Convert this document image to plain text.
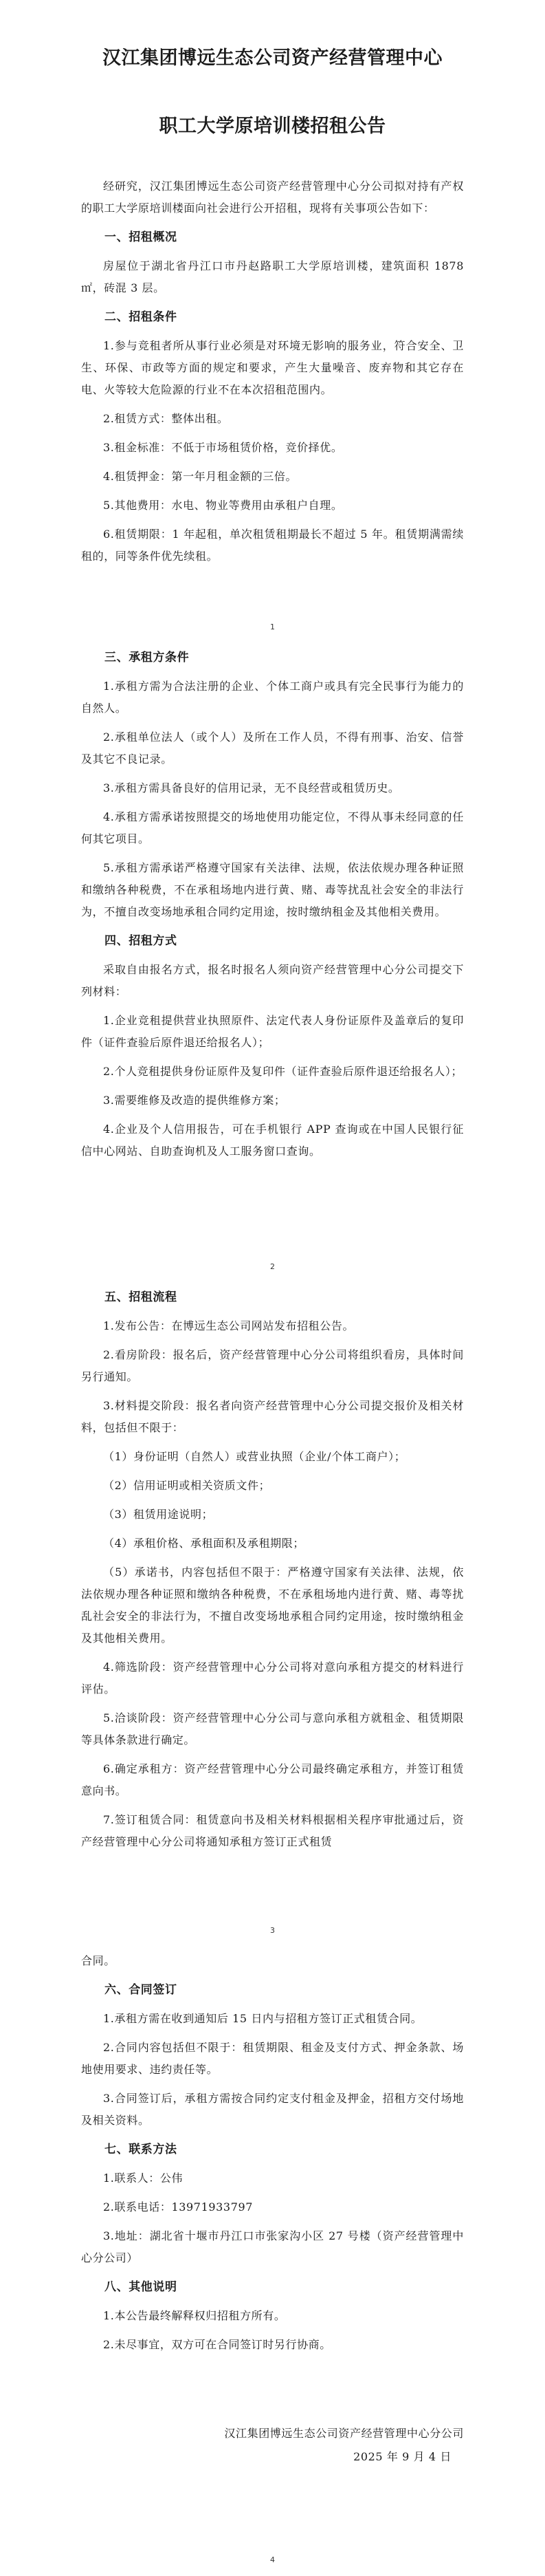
汉江集团博远生态公司资产经营管理中心
职工大学原培训楼招租公告

经研究，汉江集团博远生态公司资产经营管理中心分公司拟对持有产权的职工大学原培训楼面向社会进行公开招租，现将有关事项公告如下：

一、招租概况

房屋位于湖北省丹江口市丹赵路职工大学原培训楼，建筑面积 1878㎡，砖混 3 层。

二、招租条件

1.参与竞租者所从事行业必须是对环境无影响的服务业，符合安全、卫生、环保、市政等方面的规定和要求，产生大量噪音、废弃物和其它存在电、火等较大危险源的行业不在本次招租范围内。

2.租赁方式：整体出租。

3.租金标准：不低于市场租赁价格，竞价择优。

4.租赁押金：第一年月租金额的三倍。

5.其他费用：水电、物业等费用由承租户自理。

6.租赁期限：1 年起租，单次租赁租期最长不超过 5 年。租赁期满需续租的，同等条件优先续租。

1

三、承租方条件

1.承租方需为合法注册的企业、个体工商户或具有完全民事行为能力的自然人。

2.承租单位法人（或个人）及所在工作人员，不得有刑事、治安、信誉及其它不良记录。

3.承租方需具备良好的信用记录，无不良经营或租赁历史。

4.承租方需承诺按照提交的场地使用功能定位，不得从事未经同意的任何其它项目。

5.承租方需承诺严格遵守国家有关法律、法规，依法依规办理各种证照和缴纳各种税费，不在承租场地内进行黄、赌、毒等扰乱社会安全的非法行为，不擅自改变场地承租合同约定用途，按时缴纳租金及其他相关费用。

四、招租方式

采取自由报名方式，报名时报名人须向资产经营管理中心分公司提交下列材料：

1.企业竞租提供营业执照原件、法定代表人身份证原件及盖章后的复印件（证件查验后原件退还给报名人）；

2.个人竞租提供身份证原件及复印件（证件查验后原件退还给报名人）；

3.需要维修及改造的提供维修方案；

4.企业及个人信用报告，可在手机银行 APP 查询或在中国人民银行征信中心网站、自助查询机及人工服务窗口查询。

2

五、招租流程

1.发布公告：在博远生态公司网站发布招租公告。

2.看房阶段：报名后，资产经营管理中心分公司将组织看房，具体时间另行通知。

3.材料提交阶段：报名者向资产经营管理中心分公司提交报价及相关材料，包括但不限于：

（1）身份证明（自然人）或营业执照（企业/个体工商户）；

（2）信用证明或相关资质文件；

（3）租赁用途说明；

（4）承租价格、承租面积及承租期限；

（5）承诺书，内容包括但不限于：严格遵守国家有关法律、法规，依法依规办理各种证照和缴纳各种税费，不在承租场地内进行黄、赌、毒等扰乱社会安全的非法行为，不擅自改变场地承租合同约定用途，按时缴纳租金及其他相关费用。

4.筛选阶段：资产经营管理中心分公司将对意向承租方提交的材料进行评估。

5.洽谈阶段：资产经营管理中心分公司与意向承租方就租金、租赁期限等具体条款进行确定。

6.确定承租方：资产经营管理中心分公司最终确定承租方，并签订租赁意向书。

7.签订租赁合同：租赁意向书及相关材料根据相关程序审批通过后，资产经营管理中心分公司将通知承租方签订正式租赁

3

合同。

六、合同签订

1.承租方需在收到通知后 15 日内与招租方签订正式租赁合同。

2.合同内容包括但不限于：租赁期限、租金及支付方式、押金条款、场地使用要求、违约责任等。

3.合同签订后，承租方需按合同约定支付租金及押金，招租方交付场地及相关资料。

七、联系方法

1.联系人：公伟

2.联系电话：13971933797

3.地址：湖北省十堰市丹江口市张家沟小区 27 号楼（资产经营管理中心分公司）

八、其他说明

1.本公告最终解释权归招租方所有。

2.未尽事宜，双方可在合同签订时另行协商。

汉江集团博远生态公司资产经营管理中心分公司
2025 年 9 月 4 日
4
